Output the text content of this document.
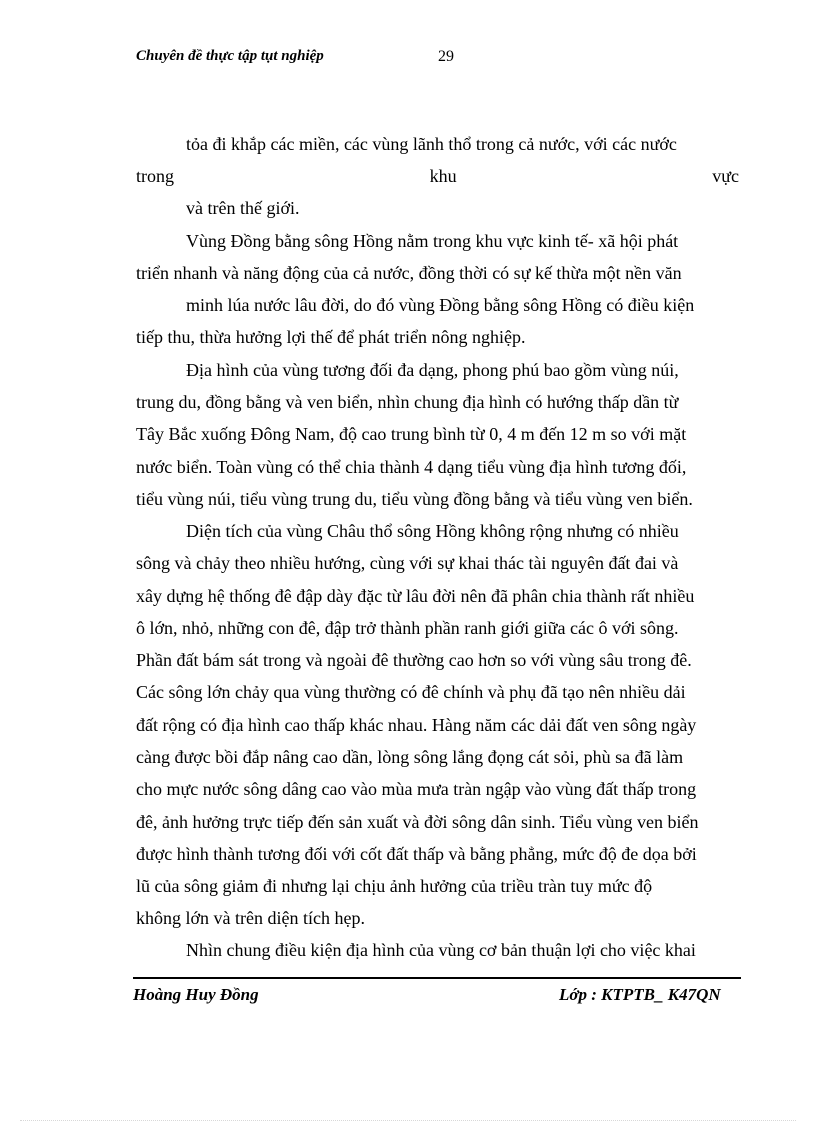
Chuyên đề thực tập tụt nghiệp	29
tỏa đi khắp các miền, các vùng lãnh thổ trong cả nước, với các nước
trong	khu	vực
và trên thế giới.
Vùng Đồng bằng sông Hồng nằm trong khu vực kinh tế- xã hội phát
triển nhanh và năng động của cả nước, đồng thời có sự kế thừa một nền văn
minh lúa nước lâu đời, do đó vùng Đồng bằng sông Hồng có điều kiện
tiếp thu, thừa hưởng lợi thế để phát triển nông nghiệp.
Địa hình của vùng tương đối đa dạng, phong phú bao gồm vùng núi,
trung du, đồng bằng và ven biển, nhìn chung địa hình có hướng thấp dần từ
Tây Bắc xuống Đông Nam, độ cao trung bình từ 0, 4 m đến 12 m so với mặt
nước biển. Toàn vùng có thể chia thành 4 dạng tiểu vùng địa hình tương đối,
tiểu vùng núi, tiểu vùng trung du, tiểu vùng đồng bằng và tiểu vùng ven biển.
Diện tích của vùng Châu thổ sông Hồng không rộng nhưng có nhiều
sông và chảy theo nhiều hướng, cùng với sự khai thác tài nguyên đất đai và
xây dựng hệ thống đê đập dày đặc từ lâu đời nên đã phân chia thành rất nhiều
ô lớn, nhỏ, những con đê, đập trở thành phần ranh giới giữa các ô với sông.
Phần đất bám sát trong và ngoài đê thường cao hơn so với vùng sâu trong đê.
Các sông lớn chảy qua vùng thường có đê chính và phụ đã tạo nên nhiều dải
đất rộng có địa hình cao thấp khác nhau. Hàng năm các dải đất ven sông ngày
càng được bồi đắp nâng cao dần, lòng sông lắng đọng cát sỏi, phù sa đã làm
cho mực nước sông dâng cao vào mùa mưa tràn ngập vào vùng đất thấp trong
đê, ảnh hưởng trực tiếp đến sản xuất và đời sông dân sinh. Tiểu vùng ven biển
được hình thành tương đối với cốt đất thấp và bằng phẳng, mức độ đe dọa bởi
lũ của sông giảm đi nhưng lại chịu ảnh hưởng của triều tràn tuy mức độ
không lớn và trên diện tích hẹp.
Nhìn chung điều kiện địa hình của vùng cơ bản thuận lợi cho việc khai
Hoàng Huy Đồng	Lớp : KTPTB_ K47QN
